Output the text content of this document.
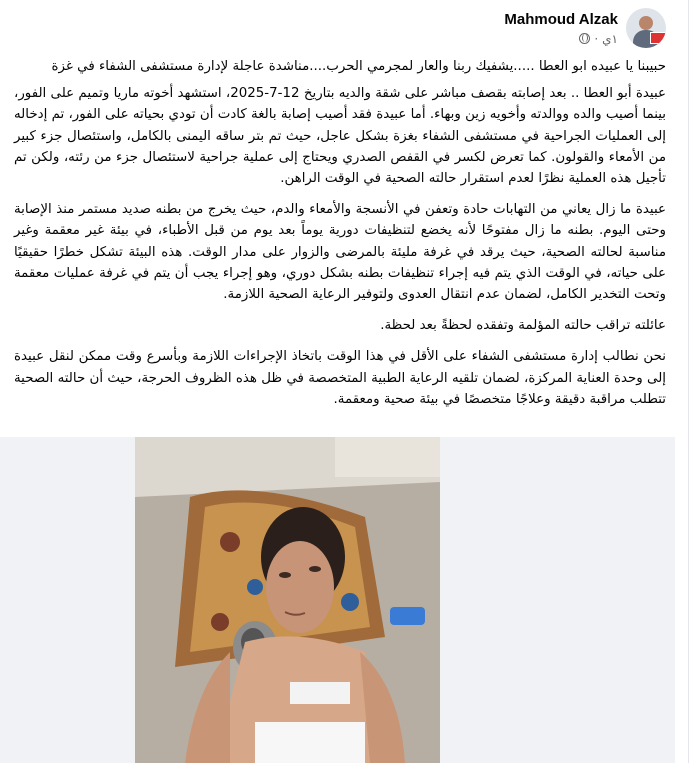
Mahmoud Alzak
١ي
·

حبيبنا يا عبيده ابو العطا .....يشفيك ربنا والعار لمجرمي الحرب....مناشدة عاجلة لإدارة مستشفى الشفاء في غزة

عبيدة أبو العطا .. بعد إصابته بقصف مباشر على شقة والديه بتاريخ 12-7-2025، استشهد أخوته ماريا وتميم على الفور، بينما أصيب والده ووالدته وأخويه زين وبهاء. أما عبيدة فقد أصيب إصابة بالغة كادت أن تودي بحياته على الفور، تم إدخاله إلى العمليات الجراحية في مستشفى الشفاء بغزة بشكل عاجل، حيث تم بتر ساقه اليمنى بالكامل، واستئصال جزء كبير من الأمعاء والقولون. كما تعرض لكسر في القفص الصدري ويحتاج إلى عملية جراحية لاستئصال جزء من رئته، ولكن تم تأجيل هذه العملية نظرًا لعدم استقرار حالته الصحية في الوقت الراهن.

عبيدة ما زال يعاني من التهابات حادة وتعفن في الأنسجة والأمعاء والدم، حيث يخرج من بطنه صديد مستمر منذ الإصابة وحتى اليوم. بطنه ما زال مفتوحًا لأنه يخضع لتنظيفات دورية يوماً بعد يوم من قبل الأطباء، في بيئة غير معقمة وغير مناسبة لحالته الصحية، حيث يرقد في غرفة مليئة بالمرضى والزوار على مدار الوقت. هذه البيئة تشكل خطرًا حقيقيًا على حياته، في الوقت الذي يتم فيه إجراء تنظيفات بطنه بشكل دوري، وهو إجراء يجب أن يتم في غرفة عمليات معقمة وتحت التخدير الكامل، لضمان عدم انتقال العدوى ولتوفير الرعاية الصحية اللازمة.

عائلته تراقب حالته المؤلمة وتفقده لحظةً بعد لحظة.

نحن نطالب إدارة مستشفى الشفاء على الأقل في هذا الوقت باتخاذ الإجراءات اللازمة وبأسرع وقت ممكن لنقل عبيدة إلى وحدة العناية المركزة، لضمان تلقيه الرعاية الطبية المتخصصة في ظل هذه الظروف الحرجة، حيث أن حالته الصحية تتطلب مراقبة دقيقة وعلاجًا متخصصًا في بيئة صحية ومعقمة.
